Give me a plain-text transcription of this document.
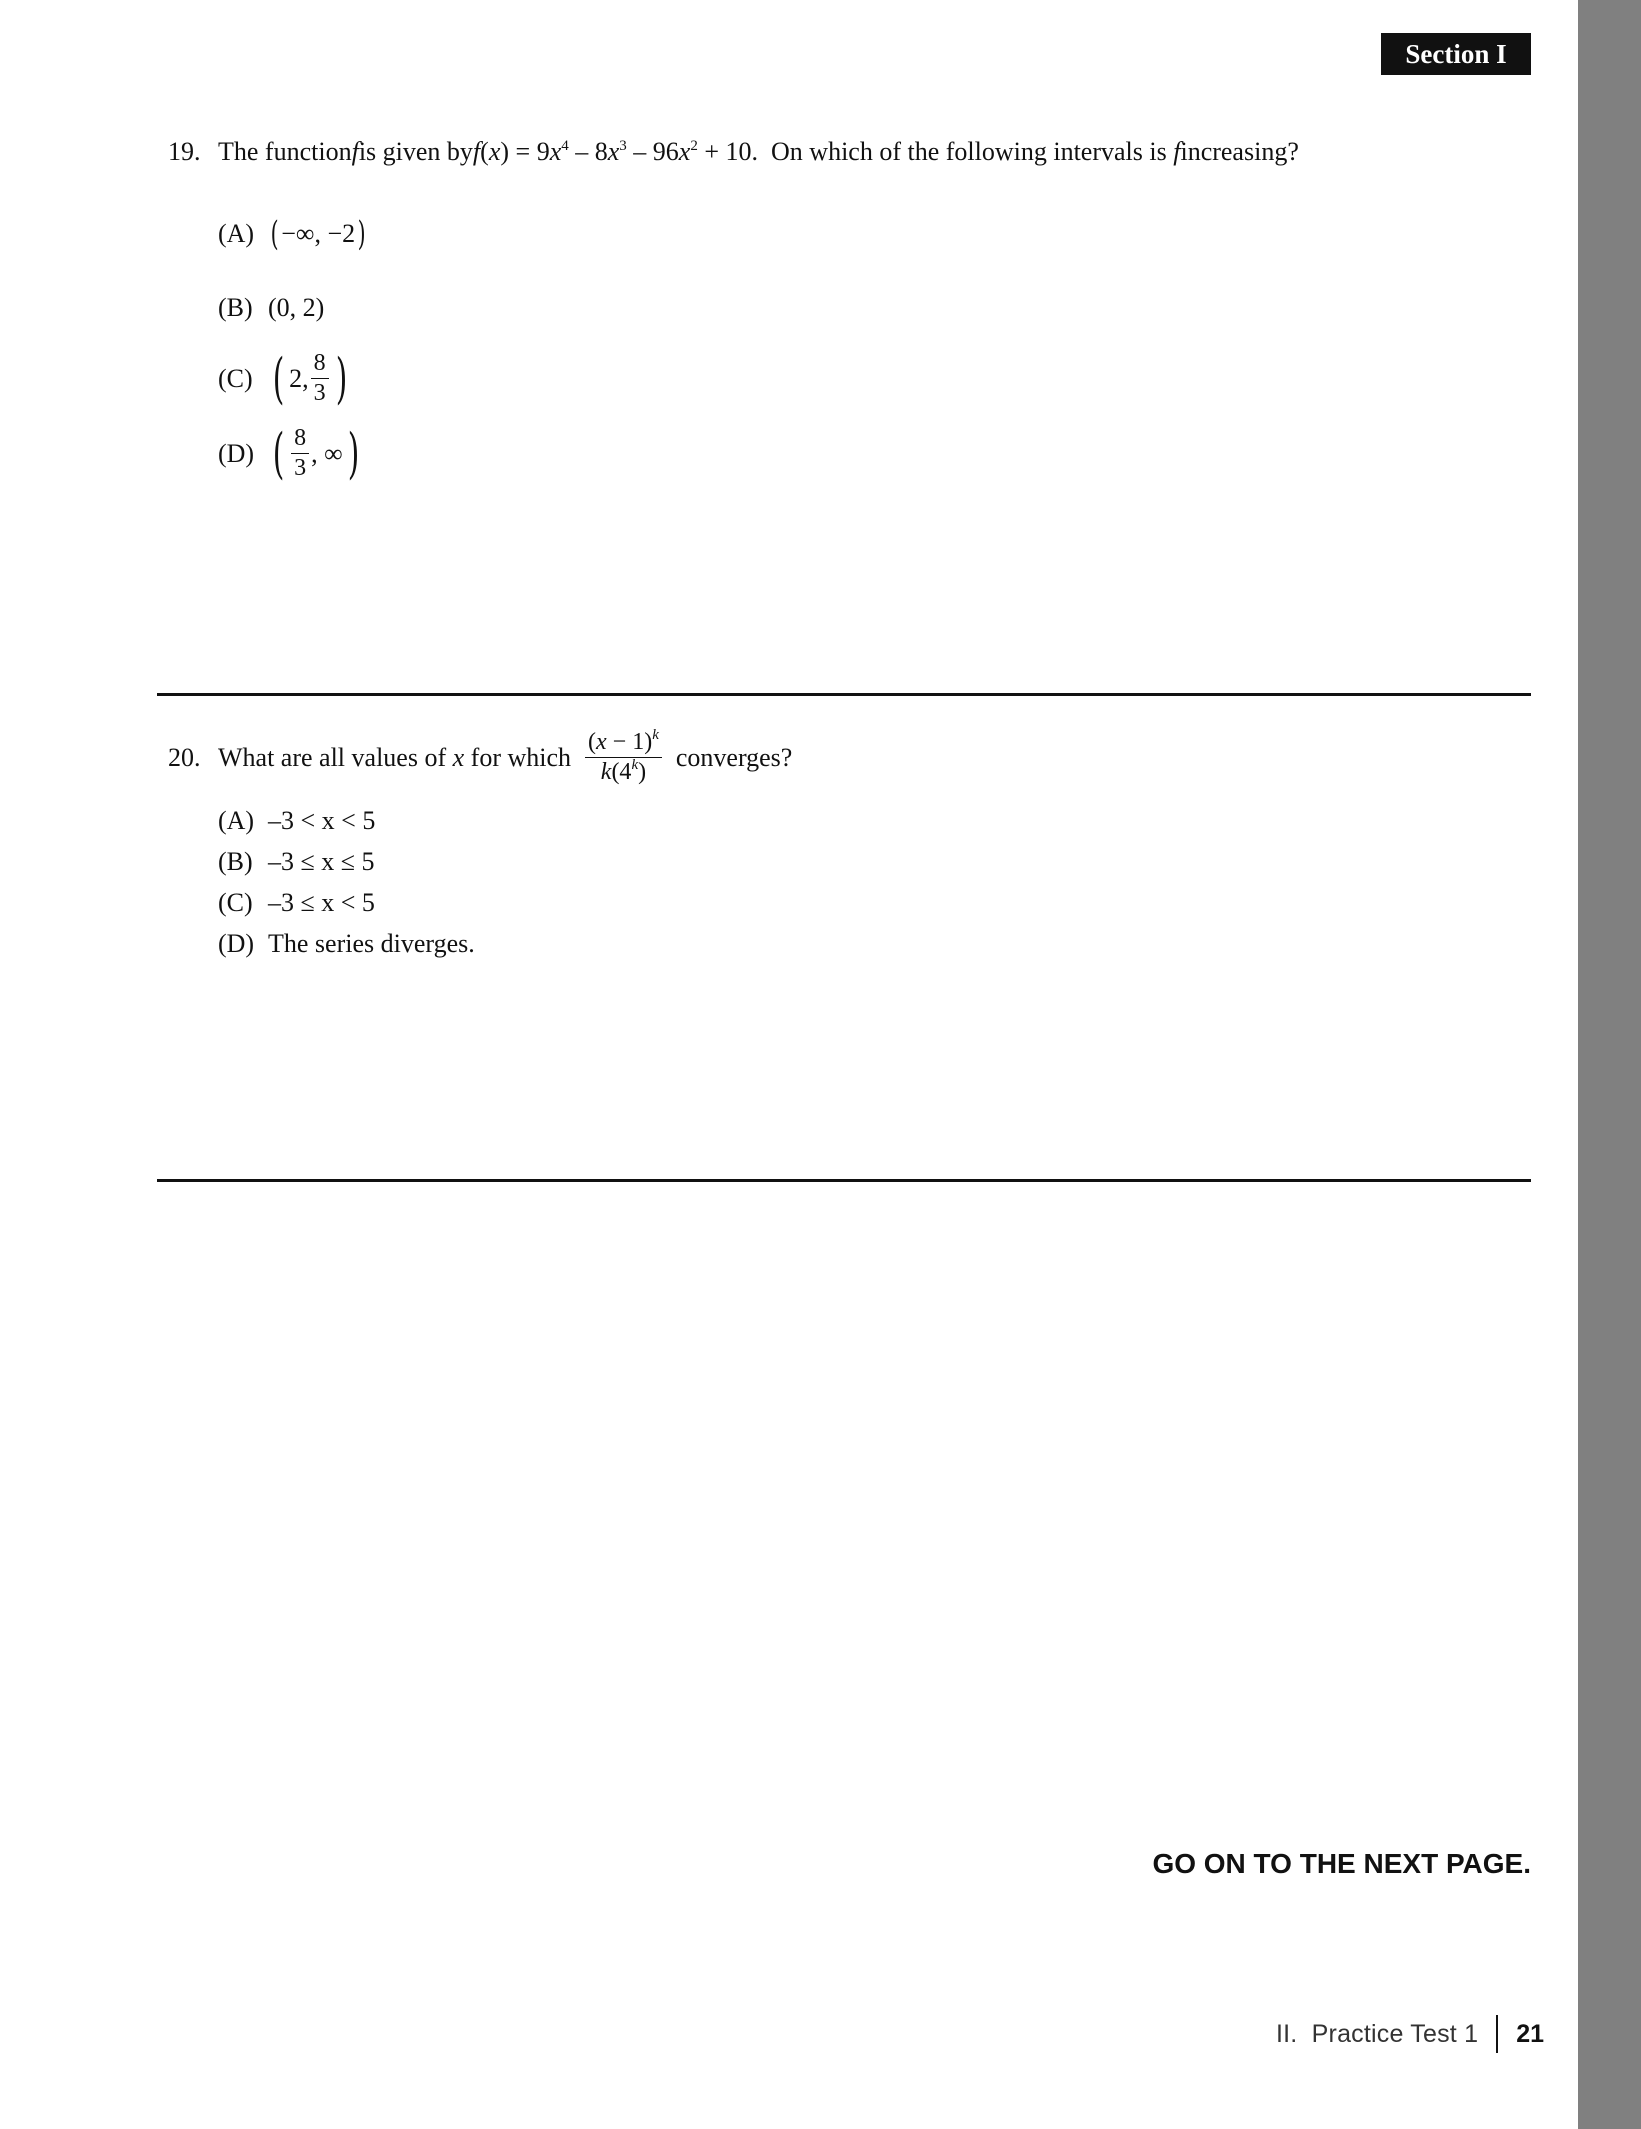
Section I
19. The function f is given by $f(x) = 9x^4 - 8x^3 - 96x^2 + 10$. On which of the following intervals is f increasing?
(A) ( −∞, −2 )
(B) (0, 2)
(C) ( 2, $\frac{8}{3}$ )
(D) ( $\frac{8}{3}$ , ∞ )
20. What are all values of x for which $\frac{(x - 1)^k}{k(4^k)}$ converges?
(A) –3 < x < 5
(B) –3 ≤ x ≤ 5
(C) –3 ≤ x < 5
(D) The series diverges.
GO ON TO THE NEXT PAGE.
II.  Practice Test 1 21
